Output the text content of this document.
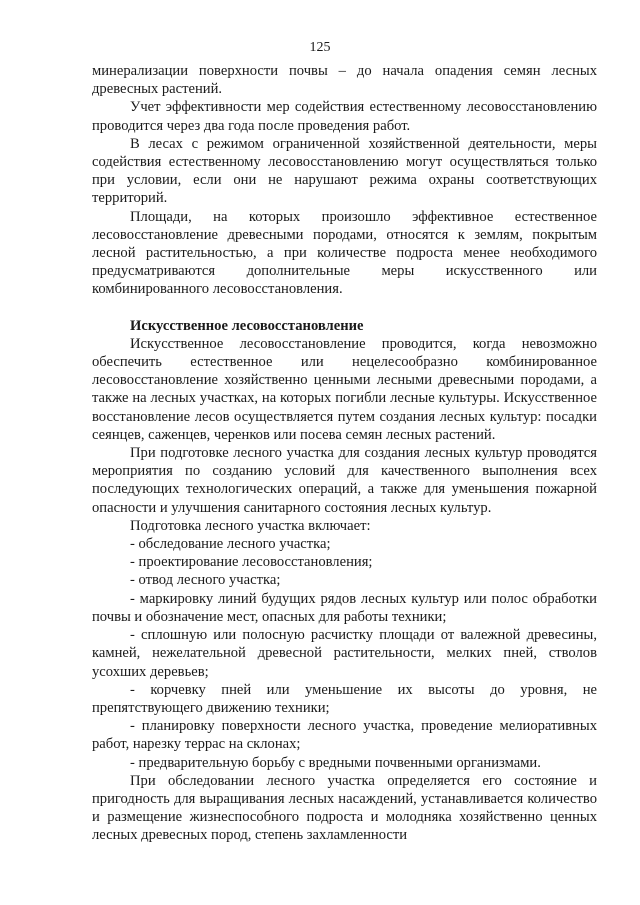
125

минерализации поверхности почвы – до начала опадения семян лесных древесных растений.

Учет эффективности мер содействия естественному лесовосстановлению проводится через два года после проведения работ.

В лесах с режимом ограниченной хозяйственной деятельности, меры содействия естественному лесовосстановлению могут осуществляться только при условии, если они не нарушают режима охраны соответствующих территорий.

Площади, на которых произошло эффективное естественное лесовосстановление древесными породами, относятся к землям, покрытым лесной растительностью, а при количестве подроста менее необходимого предусматриваются дополнительные меры искусственного или комбинированного лесовосстановления.

Искусственное лесовосстановление

Искусственное лесовосстановление проводится, когда невозможно обеспечить естественное или нецелесообразно комбинированное лесовосстановление хозяйственно ценными лесными древесными породами, а также на лесных участках, на которых погибли лесные культуры. Искусственное восстановление лесов осуществляется путем создания лесных культур: посадки сеянцев, саженцев, черенков или посева семян лесных растений.

При подготовке лесного участка для создания лесных культур проводятся мероприятия по созданию условий для качественного выполнения всех последующих технологических операций, а также для уменьшения пожарной опасности и улучшения санитарного состояния лесных культур.

Подготовка лесного участка включает:

- обследование лесного участка;

- проектирование лесовосстановления;

- отвод лесного участка;

- маркировку линий будущих рядов лесных культур или полос обработки почвы и обозначение мест, опасных для работы техники;

- сплошную или полосную расчистку площади от валежной древесины, камней, нежелательной древесной растительности, мелких пней, стволов усохших деревьев;

- корчевку пней или уменьшение их высоты до уровня, не препятствующего движению техники;

- планировку поверхности лесного участка, проведение мелиоративных работ, нарезку террас на склонах;

- предварительную борьбу с вредными почвенными организмами.

При обследовании лесного участка определяется его состояние и пригодность для выращивания лесных насаждений, устанавливается количество и размещение жизнеспособного подроста и молодняка хозяйственно ценных лесных древесных пород, степень захламленности
